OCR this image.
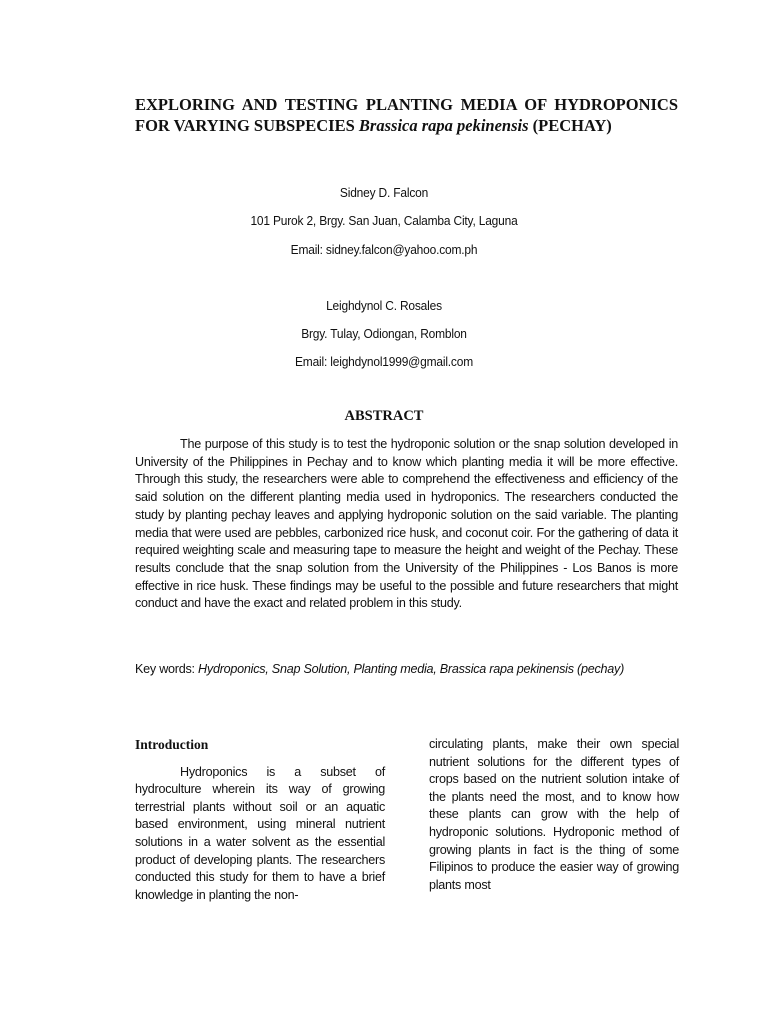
EXPLORING AND TESTING PLANTING MEDIA OF HYDROPONICS FOR VARYING SUBSPECIES Brassica rapa pekinensis (PECHAY)
Sidney D. Falcon
101 Purok 2, Brgy. San Juan, Calamba City, Laguna
Email: sidney.falcon@yahoo.com.ph
Leighdynol C. Rosales
Brgy. Tulay, Odiongan, Romblon
Email: leighdynol1999@gmail.com
ABSTRACT

The purpose of this study is to test the hydroponic solution or the snap solution developed in University of the Philippines in Pechay and to know which planting media it will be more effective. Through this study, the researchers were able to comprehend the effectiveness and efficiency of the said solution on the different planting media used in hydroponics. The researchers conducted the study by planting pechay leaves and applying hydroponic solution on the said variable. The planting media that were used are pebbles, carbonized rice husk, and coconut coir. For the gathering of data it required weighting scale and measuring tape to measure the height and weight of the Pechay. These results conclude that the snap solution from the University of the Philippines - Los Banos is more effective in rice husk. These findings may be useful to the possible and future researchers that might conduct and have the exact and related problem in this study.

Key words: Hydroponics, Snap Solution, Planting media, Brassica rapa pekinensis (pechay)
Introduction

Hydroponics is a subset of hydroculture wherein its way of growing terrestrial plants without soil or an aquatic based environment, using mineral nutrient solutions in a water solvent as the essential product of developing plants. The researchers conducted this study for them to have a brief knowledge in planting the non-

circulating plants, make their own special nutrient solutions for the different types of crops based on the nutrient solution intake of the plants need the most, and to know how these plants can grow with the help of hydroponic solutions. Hydroponic method of growing plants in fact is the thing of some Filipinos to produce the easier way of growing plants most
